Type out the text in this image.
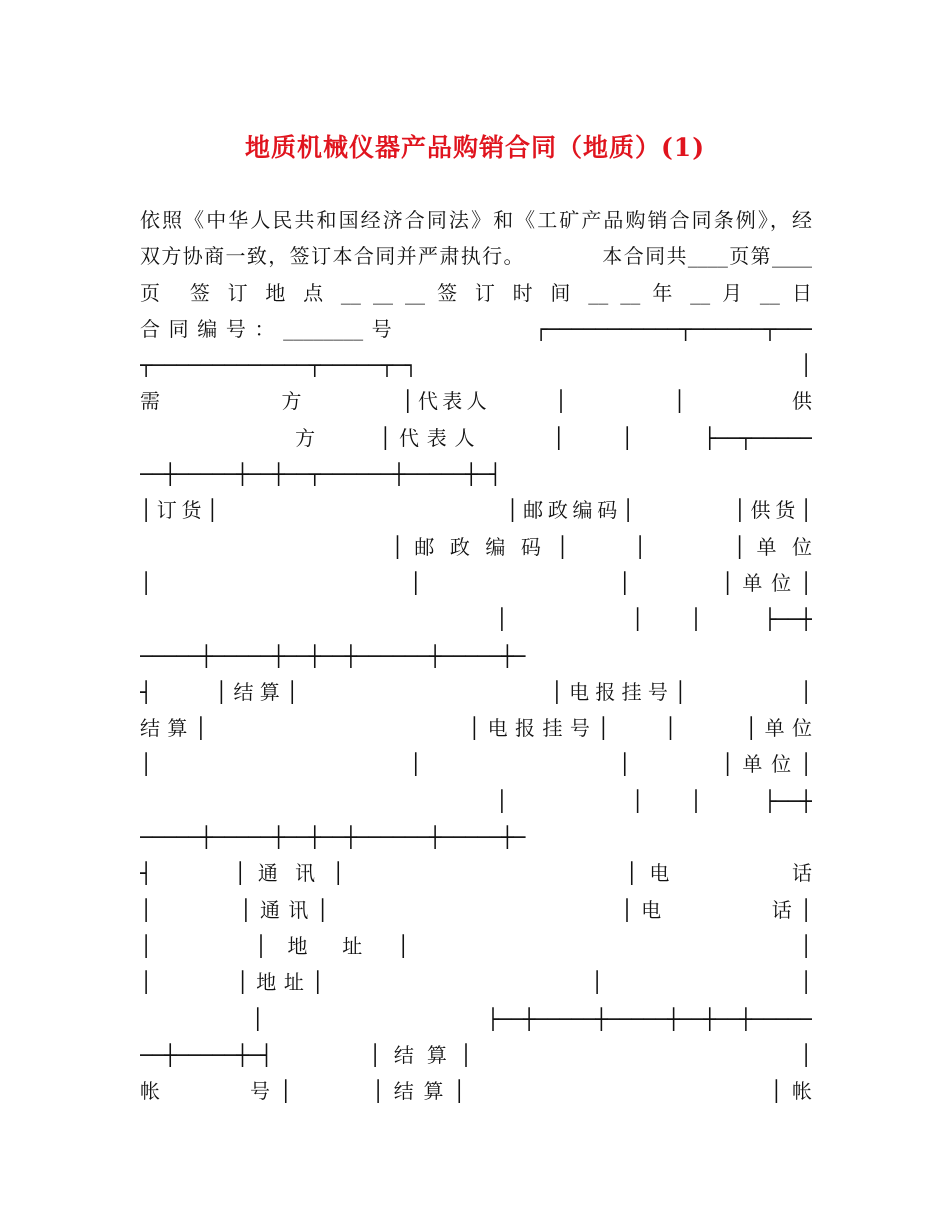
地质机械仪器产品购销合同（地质）(1)
依照《中华人民共和国经济合同法》和《工矿产品购销合同条例》，经
双方协商一致，签订本合同并严肃执行。          本合同共____页第____
页  签 订 地 点 __ __ __ 签 订 时 间 __ __ 年 __ 月 __ 日
合同编号：________号         ┌───────────┬──────┬───
┬─────────────┬─────┬─┐         │
需           方         │代表人      │          │          供
方    │代表人     │    │     ├──┬─────
──┼─────┼──┼──┬──────┼─────┼─┤
│订货│                          │邮政编码│         │供货│
│ 邮 政 编 码 │      │        │ 单 位
│                 │             │      │单位│
│        │   │    ├──┼
─────┼─────┼──┼──┼──────┼─────┼─
┤     │结算│                    │电报挂号│         │
结算│                   │电报挂号│    │     │单位
│                 │             │      │单位│
│        │   │    ├──┼
─────┼─────┼──┼──┼──────┼─────┼─
┤       │ 通 讯 │                        │ 电          话
│      │通讯│                    │电       话│
│     │ 地 址 │                   │
│      │地址│                   │              │
│    ├──┼─────┼─────┼──┼──┼─────
──┼─────┼─┤     │结算│                 │
帐     号│     │结算│                   │帐
